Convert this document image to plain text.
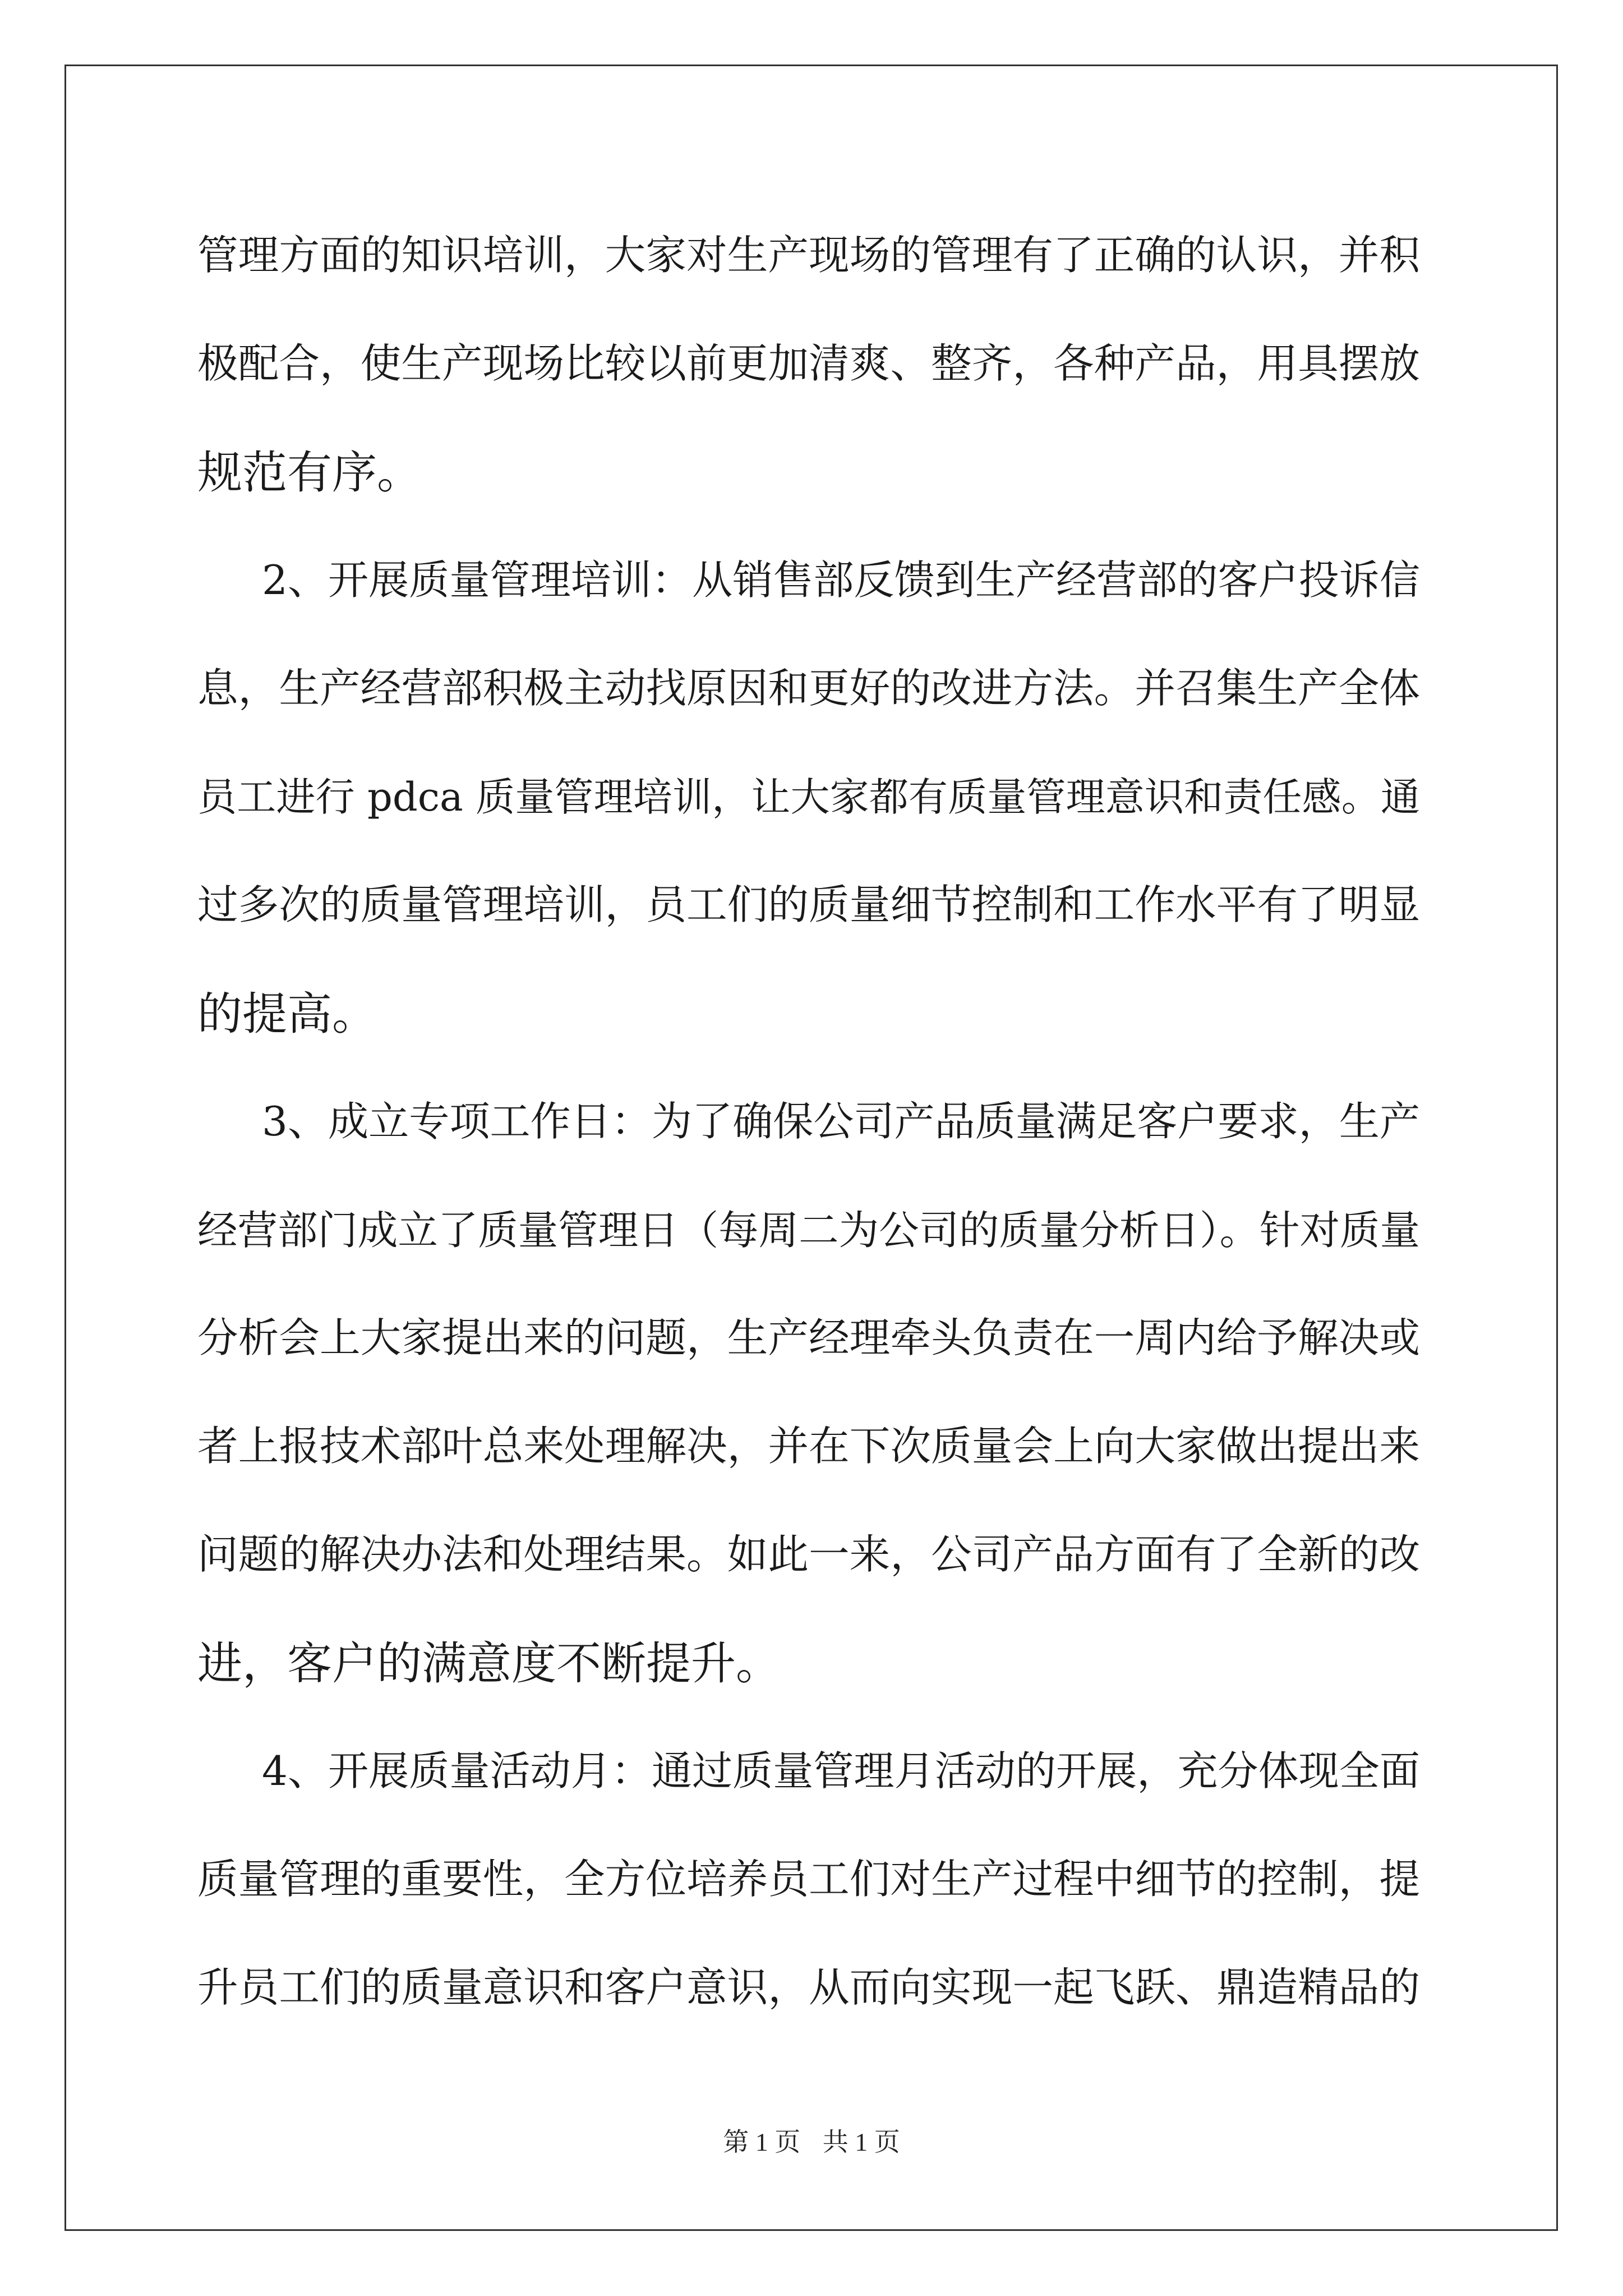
管理方面的知识培训，大家对生产现场的管理有了正确的认识，并积
极配合，使生产现场比较以前更加清爽、整齐，各种产品，用具摆放
规范有序。
2、开展质量管理培训：从销售部反馈到生产经营部的客户投诉信
息，生产经营部积极主动找原因和更好的改进方法。并召集生产全体
员工进行 pdca 质量管理培训，让大家都有质量管理意识和责任感。通
过多次的质量管理培训，员工们的质量细节控制和工作水平有了明显
的提高。
3、成立专项工作日：为了确保公司产品质量满足客户要求，生产
经营部门成立了质量管理日（每周二为公司的质量分析日）。针对质量
分析会上大家提出来的问题，生产经理牵头负责在一周内给予解决或
者上报技术部叶总来处理解决，并在下次质量会上向大家做出提出来
问题的解决办法和处理结果。如此一来，公司产品方面有了全新的改
进，客户的满意度不断提升。
4、开展质量活动月：通过质量管理月活动的开展，充分体现全面
质量管理的重要性，全方位培养员工们对生产过程中细节的控制，提
升员工们的质量意识和客户意识，从而向实现一起飞跃、鼎造精品的
第 1 页 共 1 页
